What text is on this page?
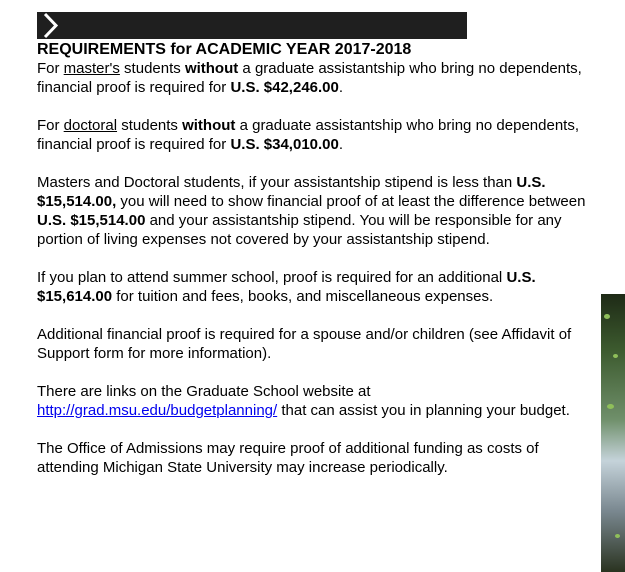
REQUIREMENTS for ACADEMIC YEAR 2017-2018

For master's students without a graduate assistantship who bring no dependents, financial proof is required for U.S. $42,246.00.

For doctoral students without a graduate assistantship who bring no dependents, financial proof is required for U.S. $34,010.00.

Masters and Doctoral students, if your assistantship stipend is less than U.S. $15,514.00, you will need to show financial proof of at least the difference between U.S. $15,514.00 and your assistantship stipend. You will be responsible for any portion of living expenses not covered by your assistantship stipend.

If you plan to attend summer school, proof is required for an additional U.S. $15,614.00 for tuition and fees, books, and miscellaneous expenses.

Additional financial proof is required for a spouse and/or children (see Affidavit of Support form for more information).

There are links on the Graduate School website at http://grad.msu.edu/budgetplanning/ that can assist you in planning your budget.

The Office of Admissions may require proof of additional funding as costs of attending Michigan State University may increase periodically.
